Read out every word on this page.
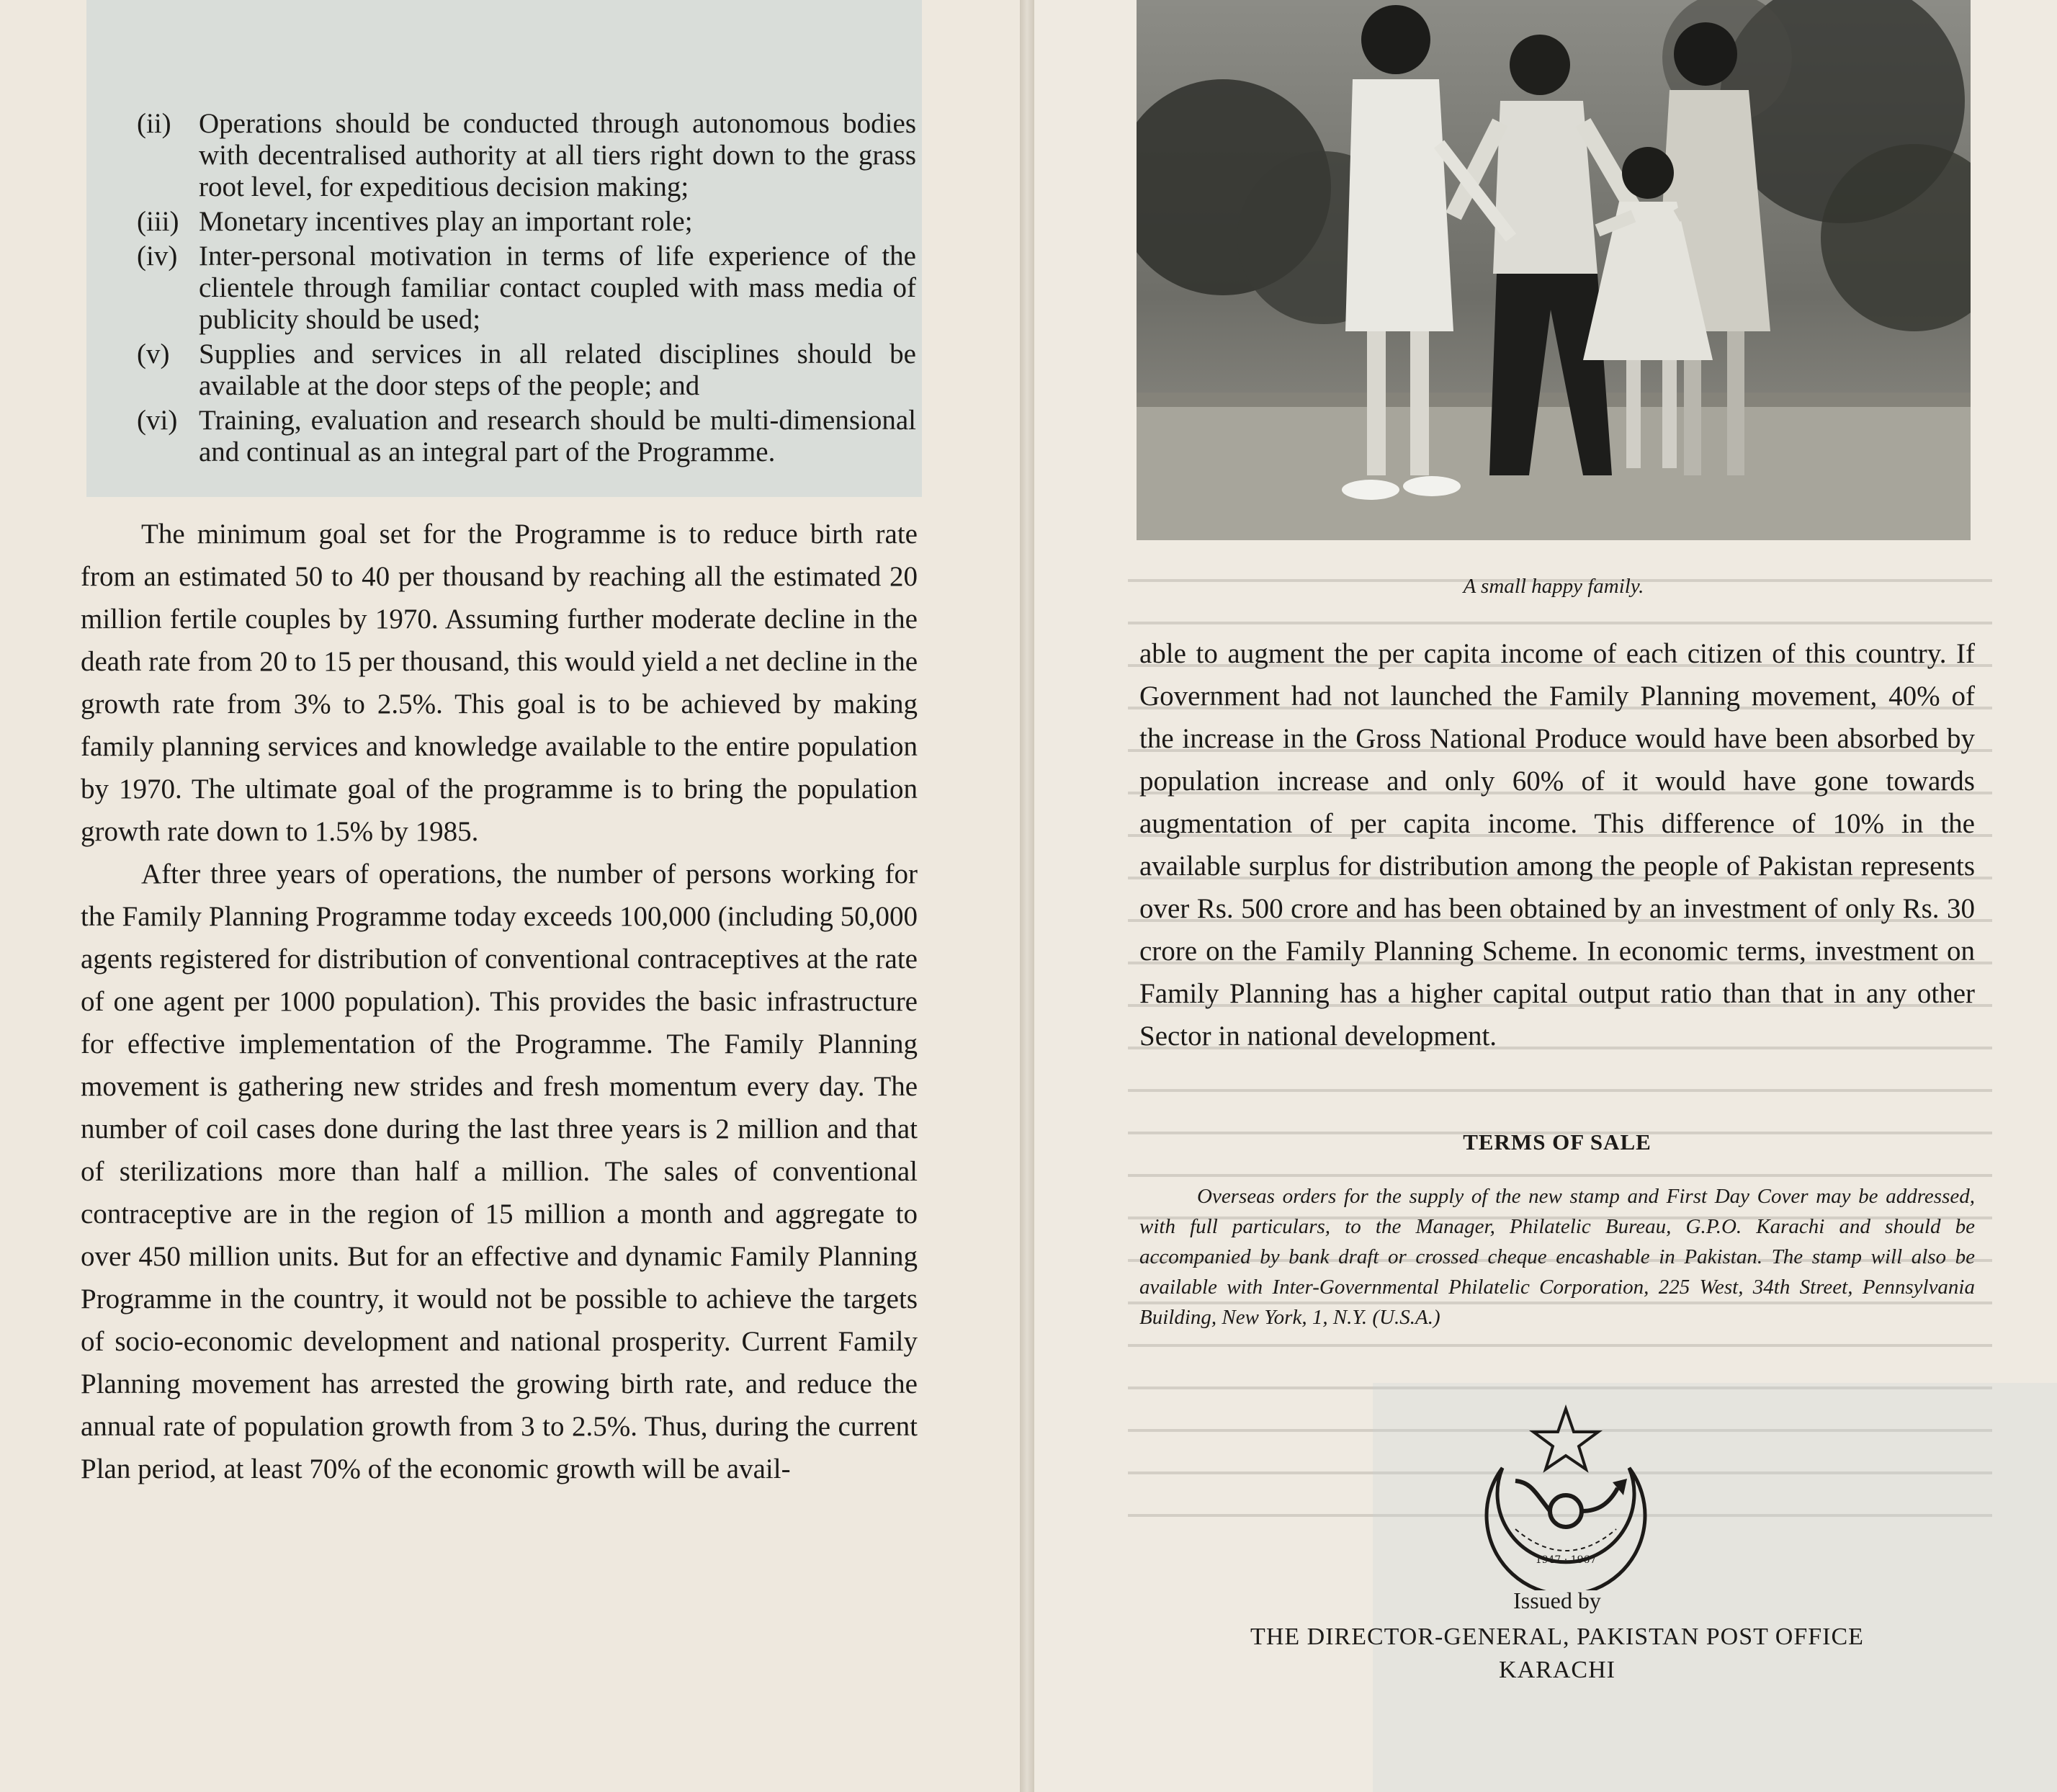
(ii) Operations should be conducted through autonomous bodies with decentralised authority at all tiers right down to the grass root level, for expeditious decision making;
(iii) Monetary incentives play an important role;
(iv) Inter-personal motivation in terms of life experience of the clientele through familiar contact coupled with mass media of publicity should be used;
(v)	Supplies and services in all related disciplines should be available at the door steps of the people; and
(vi) Training, evaluation and research should be multi-dimensional and continual as an integral part of the Programme.

The minimum goal set for the Programme is to reduce birth rate from an estimated 50 to 40 per thousand by reaching all the estimated 20 million fertile couples by 1970. Assuming further moderate decline in the death rate from 20 to 15 per thousand, this would yield a net decline in the growth rate from 3% to 2.5%. This goal is to be achieved by making family planning services and knowledge available to the entire population by 1970. The ultimate goal of the programme is to bring the population growth rate down to 1.5% by 1985.

After three years of operations, the number of persons working for the Family Planning Programme today exceeds 100,000 (including 50,000 agents registered for distribution of conventional contraceptives at the rate of one agent per 1000 population). This provides the basic infrastructure for effective implementation of the Programme. The Family Planning movement is gathering new strides and fresh momentum every day. The number of coil cases done during the last three years is 2 million and that of sterilizations more than half a million. The sales of conventional contraceptive are in the region of 15 million a month and aggregate to over 450 million units. But for an effective and dynamic Family Planning Programme in the country, it would not be possible to achieve the targets of socio-economic development and national prosperity. Current Family Planning movement has arrested the growing birth rate, and reduce the annual rate of population growth from 3 to 2.5%. Thus, during the current Plan period, at least 70% of the economic growth will be avail-

A small happy family.

able to augment the per capita income of each citizen of this country. If Government had not launched the Family Planning movement, 40% of the increase in the Gross National Produce would have been absorbed by population increase and only 60% of it would have gone towards augmentation of per capita income. This difference of 10% in the available surplus for distribution among the people of Pakistan represents over Rs. 500 crore and has been obtained by an investment of only Rs. 30 crore on the Family Planning Scheme. In economic terms, investment on Family Planning has a higher capital output ratio than that in any other Sector in national development.

TERMS OF SALE
Overseas orders for the supply of the new stamp and First Day Cover may be addressed, with full particulars, to the Manager, Philatelic Bureau, G.P.O. Karachi and should be accompanied by bank draft or crossed cheque encashable in Pakistan. The stamp will also be available with Inter-Governmental Philatelic Corporation, 225 West, 34th Street, Pennsylvania Building, New York, 1, N.Y. (U.S.A.)
1947 · 1967
Issued by
THE DIRECTOR-GENERAL, PAKISTAN POST OFFICE
KARACHI
